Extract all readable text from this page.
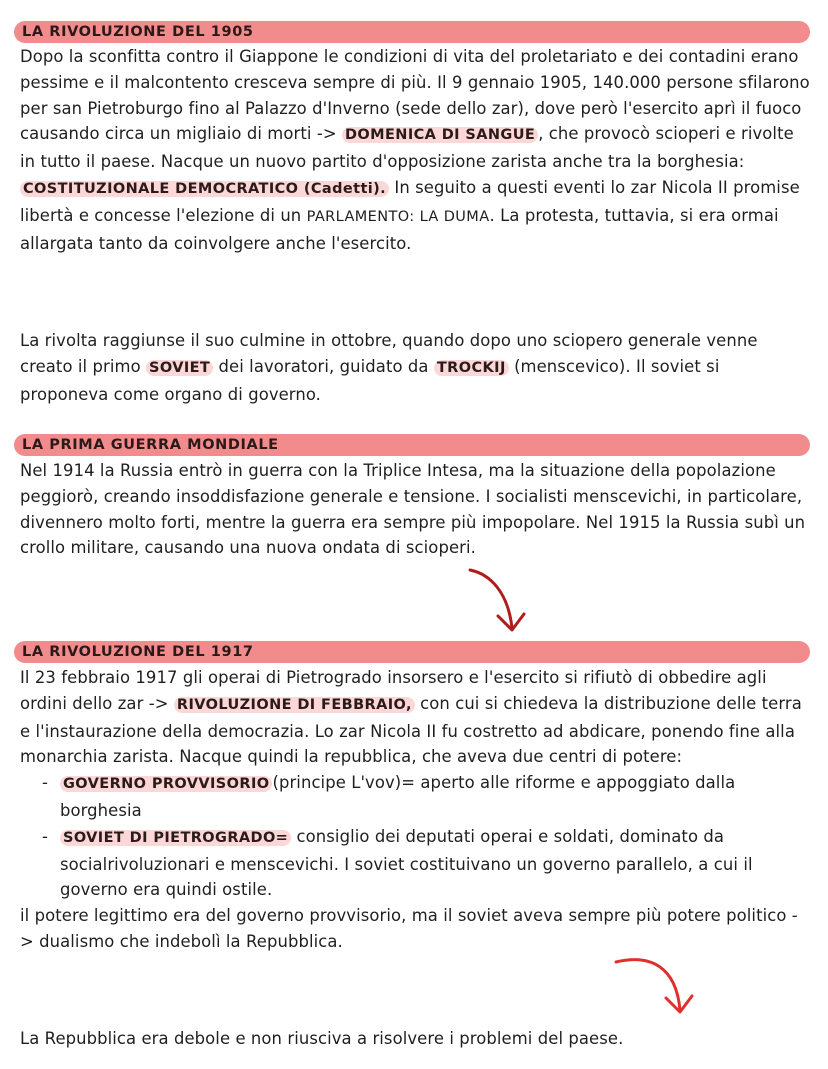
LA RIVOLUZIONE DEL 1905

Dopo la sconfitta contro il Giappone le condizioni di vita del proletariato e dei contadini erano pessime e il malcontento cresceva sempre di più. Il 9 gennaio 1905, 140.000 persone sfilarono per san Pietroburgo fino al Palazzo d'Inverno (sede dello zar), dove però l'esercito aprì il fuoco causando circa un migliaio di morti -> DOMENICA DI SANGUE , che provocò scioperi e rivolte in tutto il paese. Nacque un nuovo partito d'opposizione zarista anche tra la borghesia: COSTITUZIONALE DEMOCRATICO (Cadetti). In seguito a questi eventi lo zar Nicola II promise libertà e concesse l'elezione di un PARLAMENTO: LA DUMA. La protesta, tuttavia, si era ormai allargata tanto da coinvolgere anche l'esercito.

La rivolta raggiunse il suo culmine in ottobre, quando dopo uno sciopero generale venne creato il primo SOVIET dei lavoratori, guidato da TROCKIJ (menscevico). Il soviet si proponeva come organo di governo.

LA PRIMA GUERRA MONDIALE

Nel 1914 la Russia entrò in guerra con la Triplice Intesa, ma la situazione della popolazione peggiorò, creando insoddisfazione generale e tensione. I socialisti menscevichi, in particolare, divennero molto forti, mentre la guerra era sempre più impopolare. Nel 1915 la Russia subì un crollo militare, causando una nuova ondata di scioperi.

LA RIVOLUZIONE DEL 1917

Il 23 febbraio 1917 gli operai di Pietrogrado insorsero e l'esercito si rifiutò di obbedire agli ordini dello zar -> RIVOLUZIONE DI FEBBRAIO, con cui si chiedeva la distribuzione delle terra e l'instaurazione della democrazia. Lo zar Nicola II fu costretto ad abdicare, ponendo fine alla monarchia zarista. Nacque quindi la repubblica, che aveva due centri di potere:

- GOVERNO PROVVISORIO (principe L'vov)= aperto alle riforme e appoggiato dalla borghesia
- SOVIET DI PIETROGRADO= consiglio dei deputati operai e soldati, dominato da socialrivoluzionari e menscevichi. I soviet costituivano un governo parallelo, a cui il governo era quindi ostile.

il potere legittimo era del governo provvisorio, ma il soviet aveva sempre più potere politico -> dualismo che indebolì la Repubblica.

La Repubblica era debole e non riusciva a risolvere i problemi del paese.
